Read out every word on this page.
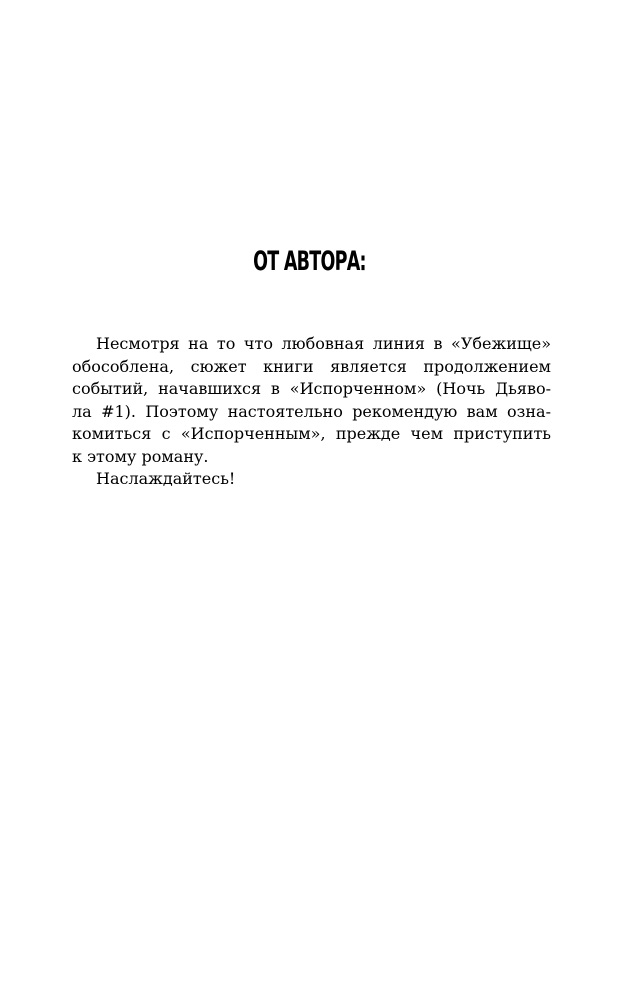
ОТ АВТОРА:

Несмотря на то что любовная линия в «Убежище»
обособлена, сюжет книги является продолжением
событий, начавшихся в «Испорченном» (Ночь Дьяво-
ла #1). Поэтому настоятельно рекомендую вам озна-
комиться с «Испорченным», прежде чем приступить
к этому роману.

Наслаждайтесь!
